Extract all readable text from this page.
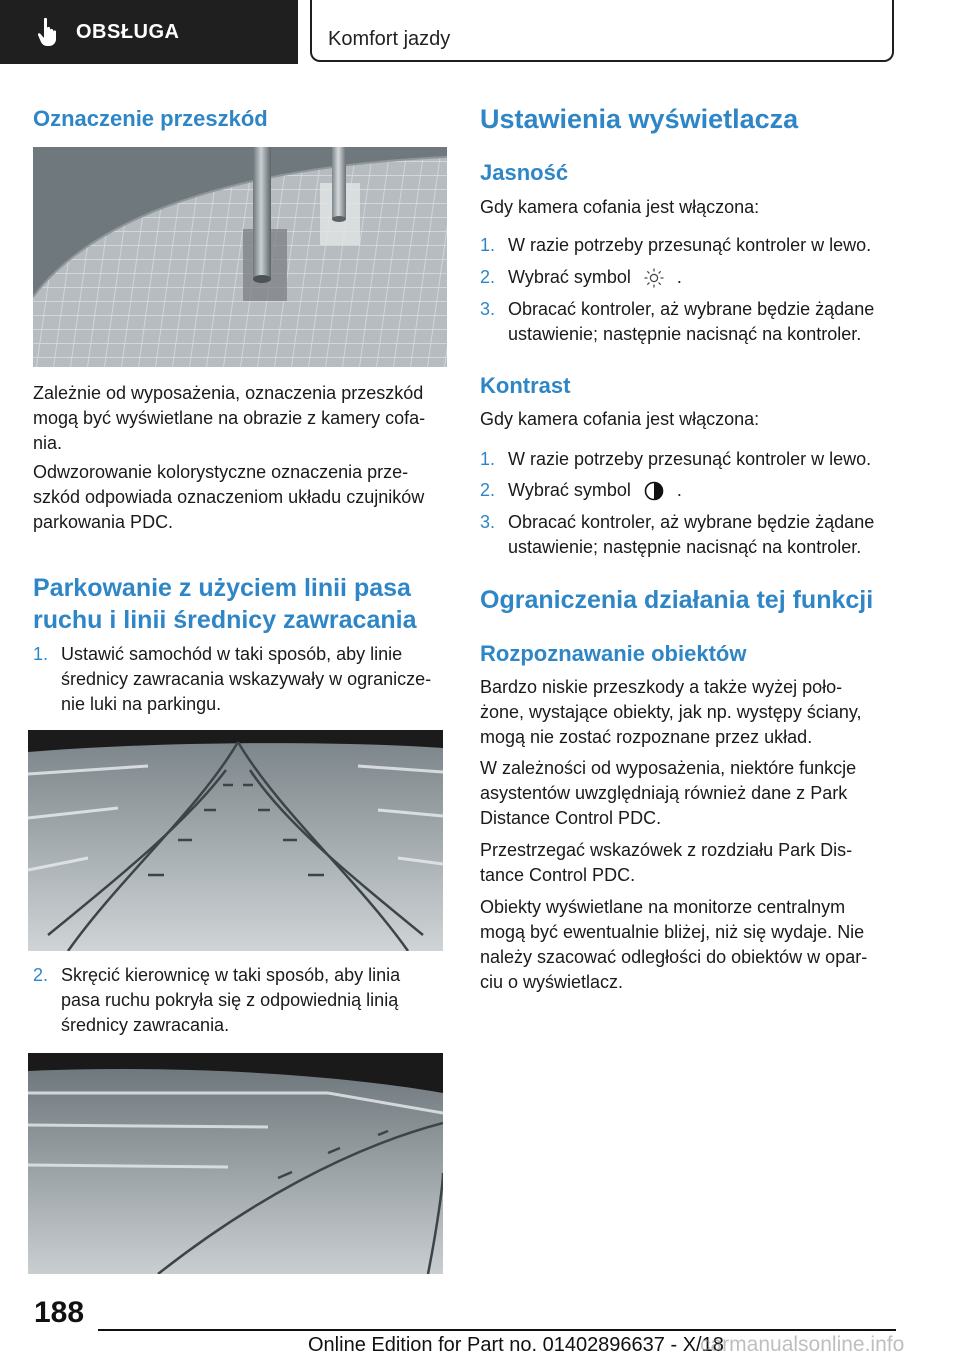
OBSŁUGA	Komfort jazdy
Oznaczenie przeszkód

Zależnie od wyposażenia, oznaczenia przeszkód
mogą być wyświetlane na obrazie z kamery cofa-
nia.

Odwzorowanie kolorystyczne oznaczenia prze-
szkód odpowiada oznaczeniom układu czujników
parkowania PDC.

Parkowanie z użyciem linii pasa
ruchu i linii średnicy zawracania
1. Ustawić samochód w taki sposób, aby linie
średnicy zawracania wskazywały w ogranicze-
nie luki na parkingu.
2. Skręcić kierownicę w taki sposób, aby linia
pasa ruchu pokryła się z odpowiednią linią
średnicy zawracania.
Ustawienia wyświetlacza
Jasność

Gdy kamera cofania jest włączona:

1. W razie potrzeby przesunąć kontroler w lewo.
2. Wybrać symbol	.
3. Obracać kontroler, aż wybrane będzie żądane
ustawienie; następnie nacisnąć na kontroler.
Kontrast

Gdy kamera cofania jest włączona:

1. W razie potrzeby przesunąć kontroler w lewo.
2. Wybrać symbol	.
3. Obracać kontroler, aż wybrane będzie żądane
ustawienie; następnie nacisnąć na kontroler.
Ograniczenia działania tej funkcji
Rozpoznawanie obiektów

Bardzo niskie przeszkody a także wyżej poło-
żone, wystające obiekty, jak np. występy ściany,
mogą nie zostać rozpoznane przez układ.

W zależności od wyposażenia, niektóre funkcje
asystentów uwzględniają również dane z Park
Distance Control PDC.

Przestrzegać wskazówek z rozdziału Park Dis-
tance Control PDC.

Obiekty wyświetlane na monitorze centralnym
mogą być ewentualnie bliżej, niż się wydaje. Nie
należy szacować odległości do obiektów w opar-
ciu o wyświetlacz.

188
Online Edition for Part no. 01402896637 - X/18
carmanualsonline.info
